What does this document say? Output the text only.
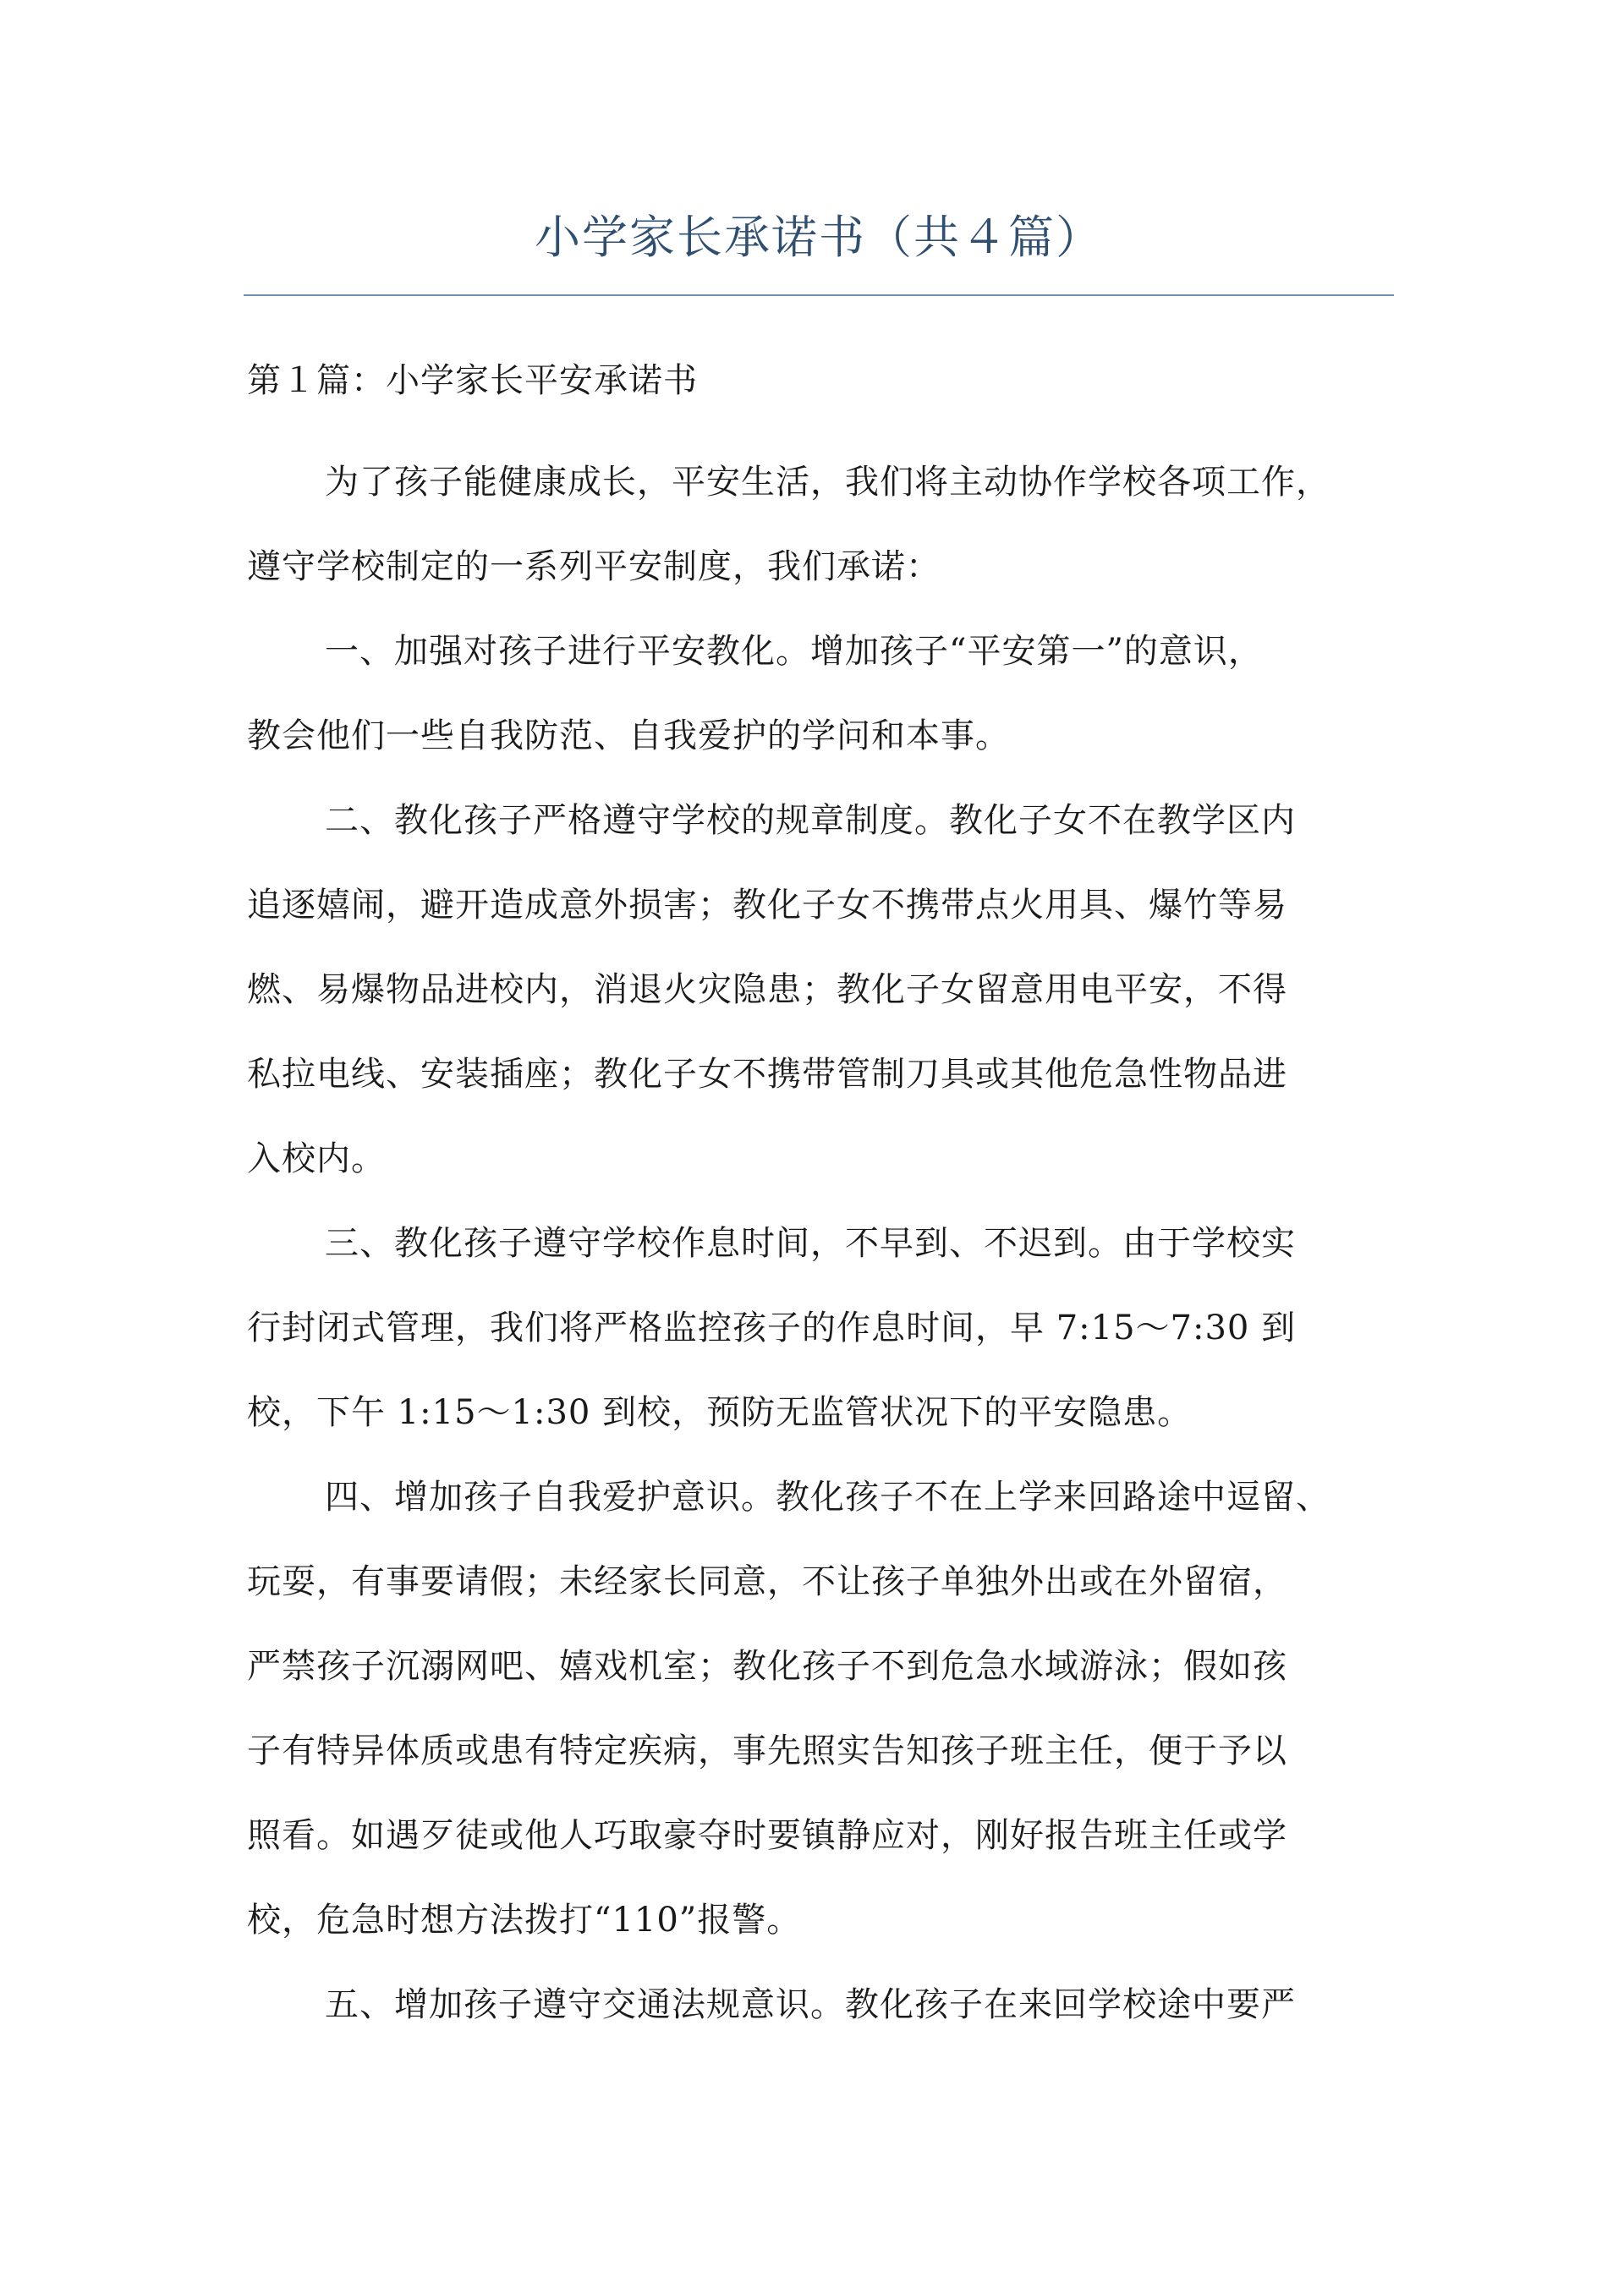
小学家长承诺书（共４篇）
第１篇：小学家长平安承诺书

为了孩子能健康成长，平安生活，我们将主动协作学校各项工作，
遵守学校制定的一系列平安制度，我们承诺：

一、加强对孩子进行平安教化。增加孩子“平安第一”的意识，
教会他们一些自我防范、自我爱护的学问和本事。

二、教化孩子严格遵守学校的规章制度。教化子女不在教学区内
追逐嬉闹，避开造成意外损害；教化子女不携带点火用具、爆竹等易
燃、易爆物品进校内，消退火灾隐患；教化子女留意用电平安，不得
私拉电线、安装插座；教化子女不携带管制刀具或其他危急性物品进
入校内。

三、教化孩子遵守学校作息时间，不早到、不迟到。由于学校实
行封闭式管理，我们将严格监控孩子的作息时间，早 7:15～7:30 到
校，下午 1:15～1:30 到校，预防无监管状况下的平安隐患。

四、增加孩子自我爱护意识。教化孩子不在上学来回路途中逗留、
玩耍，有事要请假；未经家长同意，不让孩子单独外出或在外留宿，
严禁孩子沉溺网吧、嬉戏机室；教化孩子不到危急水域游泳；假如孩
子有特异体质或患有特定疾病，事先照实告知孩子班主任，便于予以
照看。如遇歹徒或他人巧取豪夺时要镇静应对，刚好报告班主任或学
校，危急时想方法拨打“110”报警。

五、增加孩子遵守交通法规意识。教化孩子在来回学校途中要严
